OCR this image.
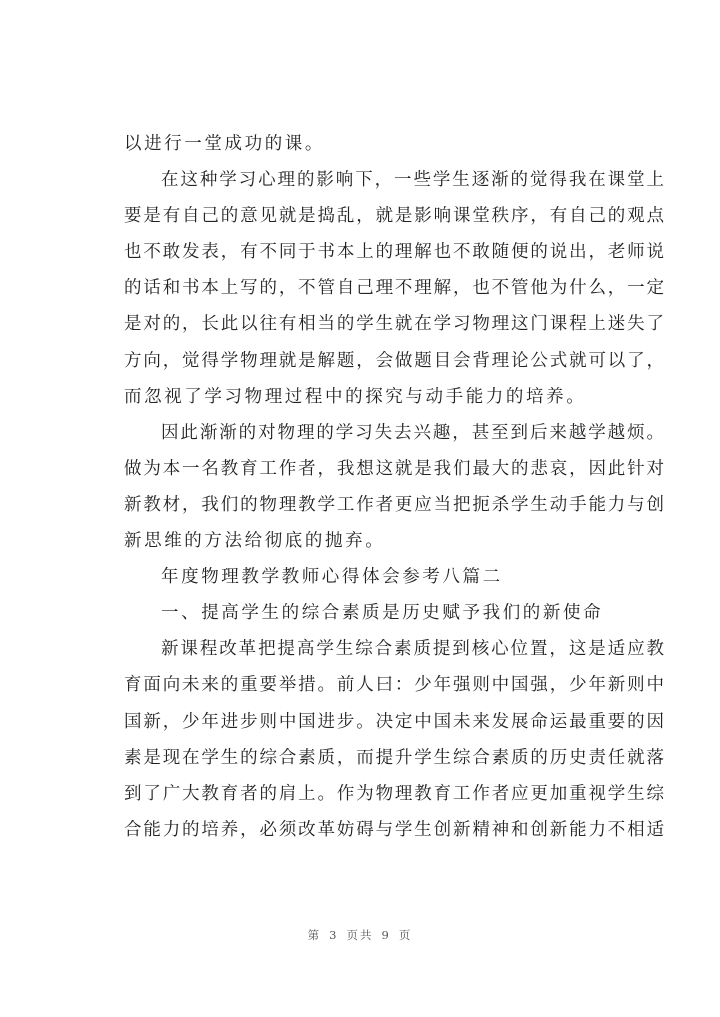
以进行一堂成功的课。
在这种学习心理的影响下，一些学生逐渐的觉得我在课堂上
要是有自己的意见就是捣乱，就是影响课堂秩序，有自己的观点
也不敢发表，有不同于书本上的理解也不敢随便的说出，老师说
的话和书本上写的，不管自己理不理解，也不管他为什么，一定
是对的，长此以往有相当的学生就在学习物理这门课程上迷失了
方向，觉得学物理就是解题，会做题目会背理论公式就可以了，
而忽视了学习物理过程中的探究与动手能力的培养。
因此渐渐的对物理的学习失去兴趣，甚至到后来越学越烦。
做为本一名教育工作者，我想这就是我们最大的悲哀，因此针对
新教材，我们的物理教学工作者更应当把扼杀学生动手能力与创
新思维的方法给彻底的抛弃。
年度物理教学教师心得体会参考八篇二
一、提高学生的综合素质是历史赋予我们的新使命
新课程改革把提高学生综合素质提到核心位置，这是适应教
育面向未来的重要举措。前人曰：少年强则中国强，少年新则中
国新，少年进步则中国进步。决定中国未来发展命运最重要的因
素是现在学生的综合素质，而提升学生综合素质的历史责任就落
到了广大教育者的肩上。作为物理教育工作者应更加重视学生综
合能力的培养，必须改革妨碍与学生创新精神和创新能力不相适
第 3 页共 9 页
